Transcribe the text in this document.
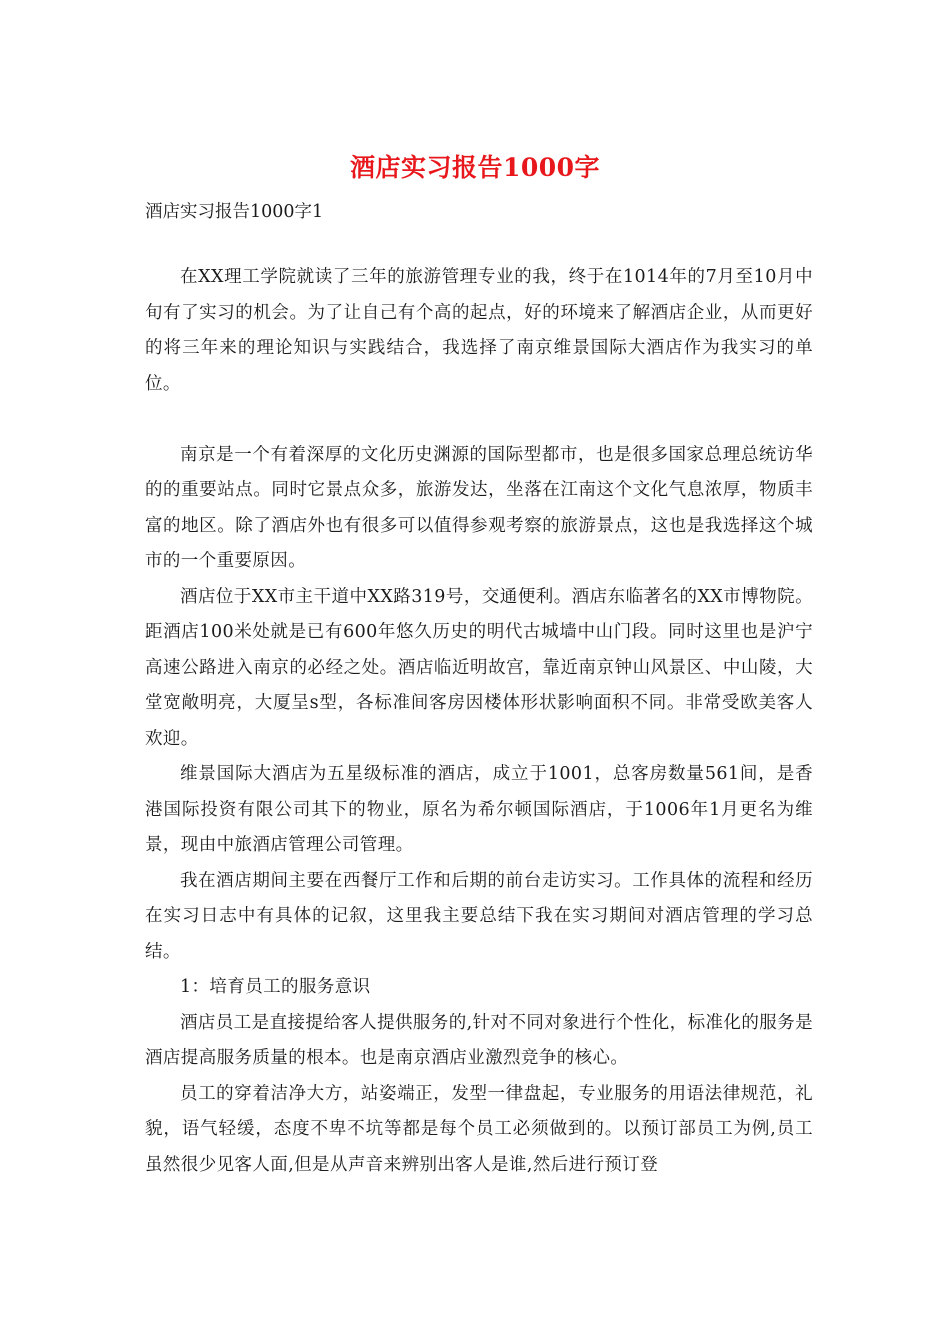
酒店实习报告1000字
酒店实习报告1000字1

在XX理工学院就读了三年的旅游管理专业的我，终于在1014年的7月至10月中旬有了实习的机会。为了让自己有个高的起点，好的环境来了解酒店企业，从而更好的将三年来的理论知识与实践结合，我选择了南京维景国际大酒店作为我实习的单位。

南京是一个有着深厚的文化历史渊源的国际型都市，也是很多国家总理总统访华的的重要站点。同时它景点众多，旅游发达，坐落在江南这个文化气息浓厚，物质丰富的地区。除了酒店外也有很多可以值得参观考察的旅游景点，这也是我选择这个城市的一个重要原因。

酒店位于XX市主干道中XX路319号，交通便利。酒店东临著名的XX市博物院。距酒店100米处就是已有600年悠久历史的明代古城墙中山门段。同时这里也是沪宁高速公路进入南京的必经之处。酒店临近明故宫，靠近南京钟山风景区、中山陵，大堂宽敞明亮，大厦呈s型，各标准间客房因楼体形状影响面积不同。非常受欧美客人欢迎。

维景国际大酒店为五星级标准的酒店，成立于1001，总客房数量561间，是香港国际投资有限公司其下的物业，原名为希尔顿国际酒店，于1006年1月更名为维景，现由中旅酒店管理公司管理。

我在酒店期间主要在西餐厅工作和后期的前台走访实习。工作具体的流程和经历在实习日志中有具体的记叙，这里我主要总结下我在实习期间对酒店管理的学习总结。

1：培育员工的服务意识

酒店员工是直接提给客人提供服务的,针对不同对象进行个性化，标准化的服务是酒店提高服务质量的根本。也是南京酒店业激烈竞争的核心。

员工的穿着洁净大方，站姿端正，发型一律盘起，专业服务的用语法律规范，礼貌，语气轻缓，态度不卑不坑等都是每个员工必须做到的。以预订部员工为例,员工虽然很少见客人面,但是从声音来辨别出客人是谁,然后进行预订登
